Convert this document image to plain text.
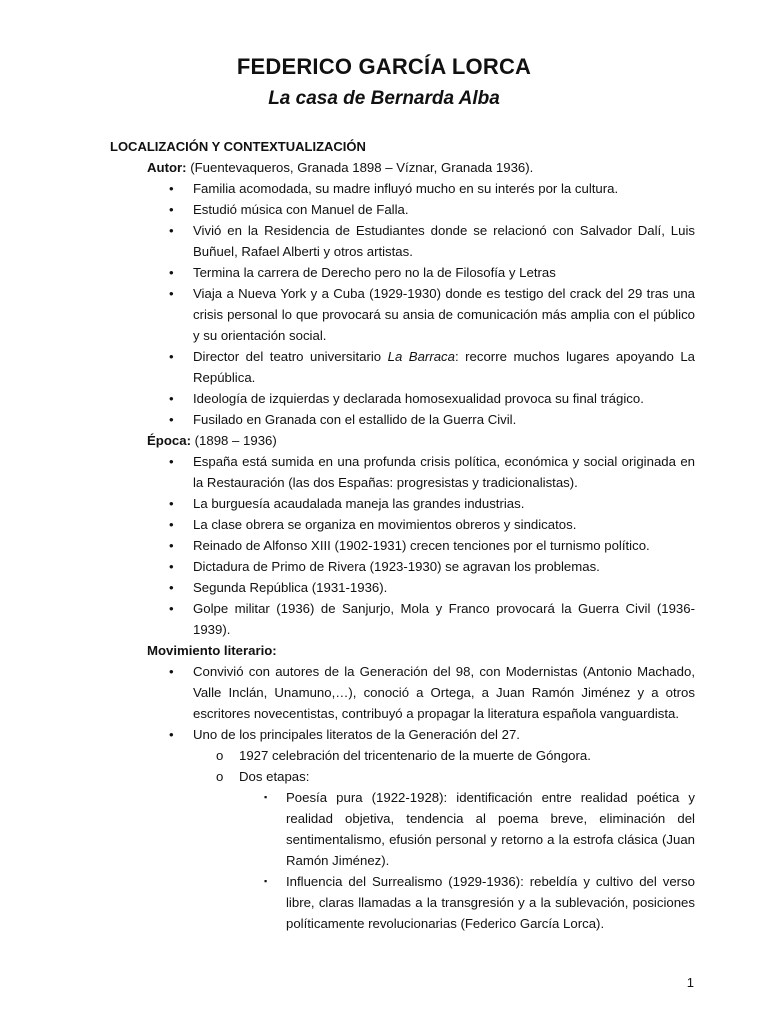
FEDERICO GARCÍA LORCA
La casa de Bernarda Alba

LOCALIZACIÓN Y CONTEXTUALIZACIÓN

Autor: (Fuentevaqueros, Granada 1898 – Víznar, Granada 1936).

• Familia acomodada, su madre influyó mucho en su interés por la cultura.
• Estudió música con Manuel de Falla.
• Vivió en la Residencia de Estudiantes donde se relacionó con Salvador Dalí, Luis Buñuel, Rafael Alberti y otros artistas.
• Termina la carrera de Derecho pero no la de Filosofía y Letras
• Viaja a Nueva York y a Cuba (1929-1930) donde es testigo del crack del 29 tras una crisis personal lo que provocará su ansia de comunicación más amplia con el público y su orientación social.
• Director del teatro universitario La Barraca: recorre muchos lugares apoyando La República.
• Ideología de izquierdas y declarada homosexualidad provoca su final trágico.
• Fusilado en Granada con el estallido de la Guerra Civil.

Época: (1898 – 1936)

• España está sumida en una profunda crisis política, económica y social originada en la Restauración (las dos Españas: progresistas y tradicionalistas).
• La burguesía acaudalada maneja las grandes industrias.
• La clase obrera se organiza en movimientos obreros y sindicatos.
• Reinado de Alfonso XIII (1902-1931) crecen tenciones por el turnismo político.
• Dictadura de Primo de Rivera (1923-1930) se agravan los problemas.
• Segunda República (1931-1936).
• Golpe militar (1936) de Sanjurjo, Mola y Franco provocará la Guerra Civil (1936-1939).

Movimiento literario:

• Convivió con autores de la Generación del 98, con Modernistas (Antonio Machado, Valle Inclán, Unamuno,…), conoció a Ortega, a Juan Ramón Jiménez y a otros escritores novecentistas, contribuyó a propagar la literatura española vanguardista.
• Uno de los principales literatos de la Generación del 27.
o 1927 celebración del tricentenario de la muerte de Góngora.
o Dos etapas:
▪ Poesía pura (1922-1928): identificación entre realidad poética y realidad objetiva, tendencia al poema breve, eliminación del sentimentalismo, efusión personal y retorno a la estrofa clásica (Juan Ramón Jiménez).
▪ Influencia del Surrealismo (1929-1936): rebeldía y cultivo del verso libre, claras llamadas a la transgresión y a la sublevación, posiciones políticamente revolucionarias (Federico García Lorca).
1
